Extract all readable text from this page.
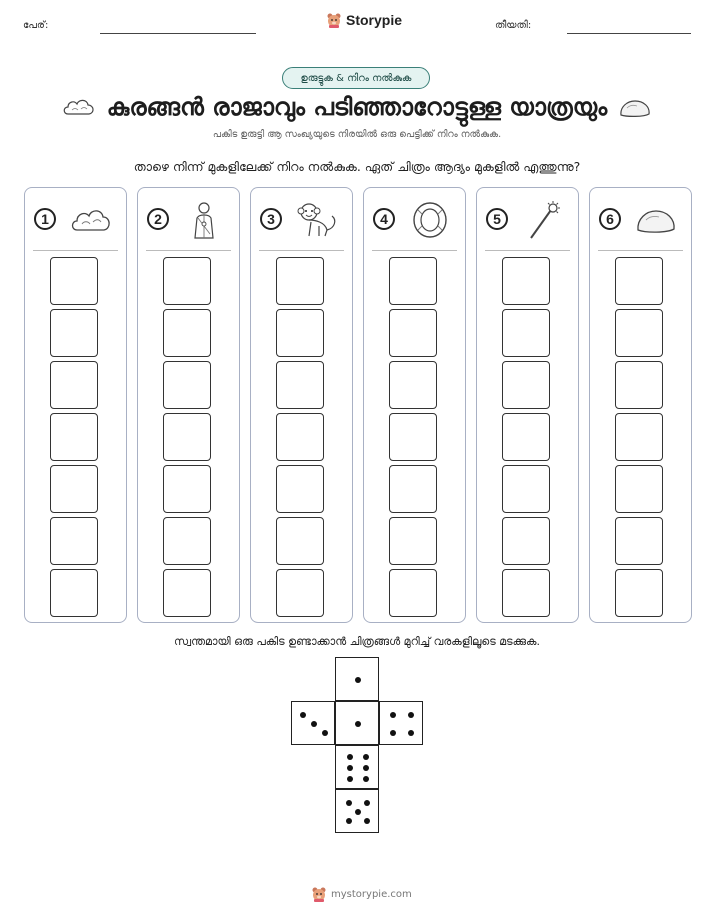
പേര്:	Storypie	തീയതി:
ഉരുട്ടുക & നിറം നൽകുക
കുരങ്ങൻ രാജാവും പടിഞ്ഞാറോട്ടുള്ള യാത്രയും
പകിട ഉരുട്ടി ആ സംഖ്യയുടെ നിരയിൽ ഒരു പെട്ടിക്ക് നിറം നൽകുക.
താഴെ നിന്ന് മുകളിലേക്ക് നിറം നൽകുക. ഏത് ചിത്രം ആദ്യം മുകളിൽ എത്തുന്നു?
1	2	3	4	5	6
സ്വന്തമായി ഒരു പകിട ഉണ്ടാക്കാൻ ചിത്രങ്ങൾ മുറിച്ച് വരകളിലൂടെ മടക്കുക.
mystorypie.com
